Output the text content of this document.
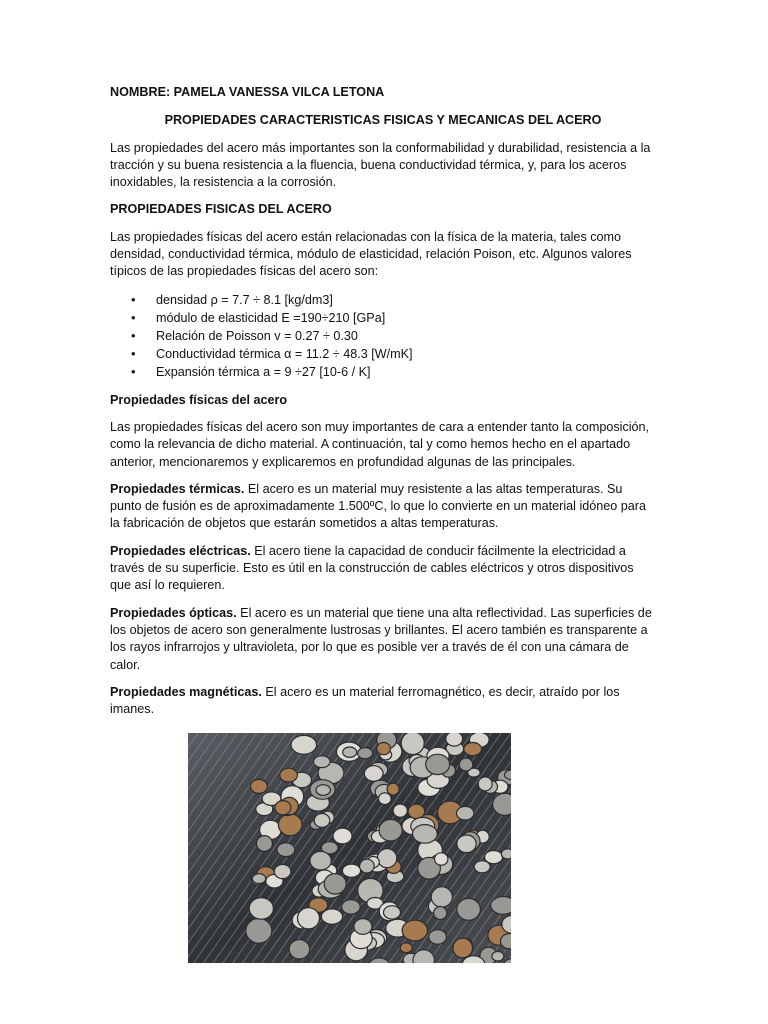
NOMBRE: PAMELA VANESSA VILCA LETONA

PROPIEDADES CARACTERISTICAS FISICAS Y MECANICAS DEL ACERO

Las propiedades del acero más importantes son la conformabilidad y durabilidad, resistencia a la tracción y su buena resistencia a la fluencia, buena conductividad térmica, y, para los aceros inoxidables, la resistencia a la corrosión.

PROPIEDADES FISICAS DEL ACERO

Las propiedades físicas del acero están relacionadas con la física de la materia, tales como densidad, conductividad térmica, módulo de elasticidad, relación Poison, etc. Algunos valores típicos de las propiedades físicas del acero son:

• densidad ρ = 7.7 ÷ 8.1 [kg/dm3]
• módulo de elasticidad E =190÷210 [GPa]
• Relación de Poisson v = 0.27 ÷ 0.30
• Conductividad térmica α = 11.2 ÷ 48.3 [W/mK]
• Expansión térmica a = 9 ÷27 [10-6 / K]

Propiedades físicas del acero

Las propiedades físicas del acero son muy importantes de cara a entender tanto la composición, como la relevancia de dicho material. A continuación, tal y como hemos hecho en el apartado anterior, mencionaremos y explicaremos en profundidad algunas de las principales.

Propiedades térmicas. El acero es un material muy resistente a las altas temperaturas. Su punto de fusión es de aproximadamente 1.500ºC, lo que lo convierte en un material idóneo para la fabricación de objetos que estarán sometidos a altas temperaturas.

Propiedades eléctricas. El acero tiene la capacidad de conducir fácilmente la electricidad a través de su superficie. Esto es útil en la construcción de cables eléctricos y otros dispositivos que así lo requieren.

Propiedades ópticas. El acero es un material que tiene una alta reflectividad. Las superficies de los objetos de acero son generalmente lustrosas y brillantes. El acero también es transparente a los rayos infrarrojos y ultravioleta, por lo que es posible ver a través de él con una cámara de calor.

Propiedades magnéticas. El acero es un material ferromagnético, es decir, atraído por los imanes.
